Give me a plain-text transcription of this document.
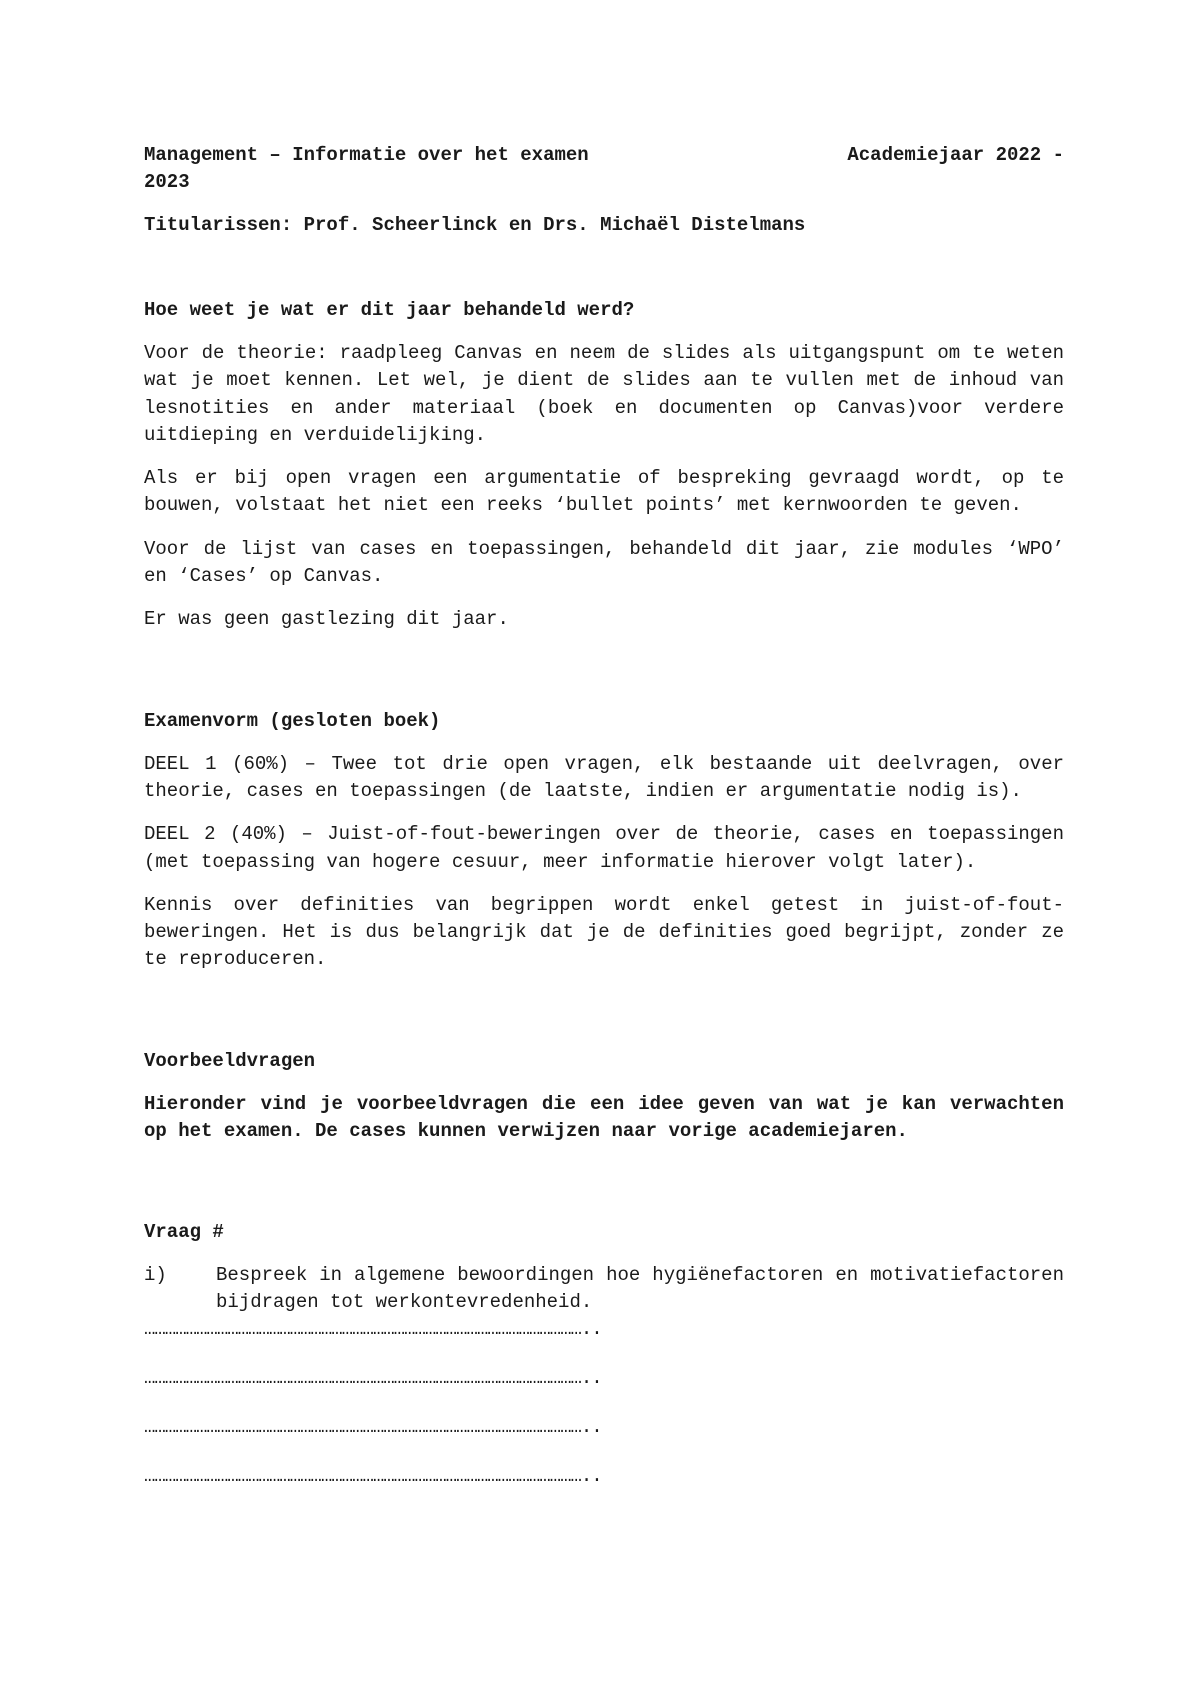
Management – Informatie over het examen	Academiejaar 2022 -

2023

Titularissen: Prof. Scheerlinck en Drs. Michaël Distelmans

Hoe weet je wat er dit jaar behandeld werd?

Voor de theorie: raadpleeg Canvas en neem de slides als uitgangspunt om te weten wat je moet kennen. Let wel, je dient de slides aan te vullen met de inhoud van lesnotities en ander materiaal (boek en documenten op Canvas)voor verdere uitdieping en verduidelijking.

Als er bij open vragen een argumentatie of bespreking gevraagd wordt, op te bouwen, volstaat het niet een reeks ‘bullet points’ met kernwoorden te geven.

Voor de lijst van cases en toepassingen, behandeld dit jaar, zie modules ‘WPO’ en ‘Cases’ op Canvas.

Er was geen gastlezing dit jaar.

Examenvorm (gesloten boek)

DEEL 1 (60%) – Twee tot drie open vragen, elk bestaande uit deelvragen, over theorie, cases en toepassingen (de laatste, indien er argumentatie nodig is).

DEEL 2 (40%) – Juist-of-fout-beweringen over de theorie, cases en toepassingen (met toepassing van hogere cesuur, meer informatie hierover volgt later).

Kennis over definities van begrippen wordt enkel getest in juist-of-fout-beweringen. Het is dus belangrijk dat je de definities goed begrijpt, zonder ze te reproduceren.

Voorbeeldvragen

Hieronder vind je voorbeeldvragen die een idee geven van wat je kan verwachten op het examen. De cases kunnen verwijzen naar vorige academiejaren.

Vraag #

i)	Bespreek in algemene bewoordingen hoe hygiënefactoren en motivatiefactoren bijdragen tot werkontevredenheid.

………………………………………………………………………………………………………………..

………………………………………………………………………………………………………………..

………………………………………………………………………………………………………………..

………………………………………………………………………………………………………………..
